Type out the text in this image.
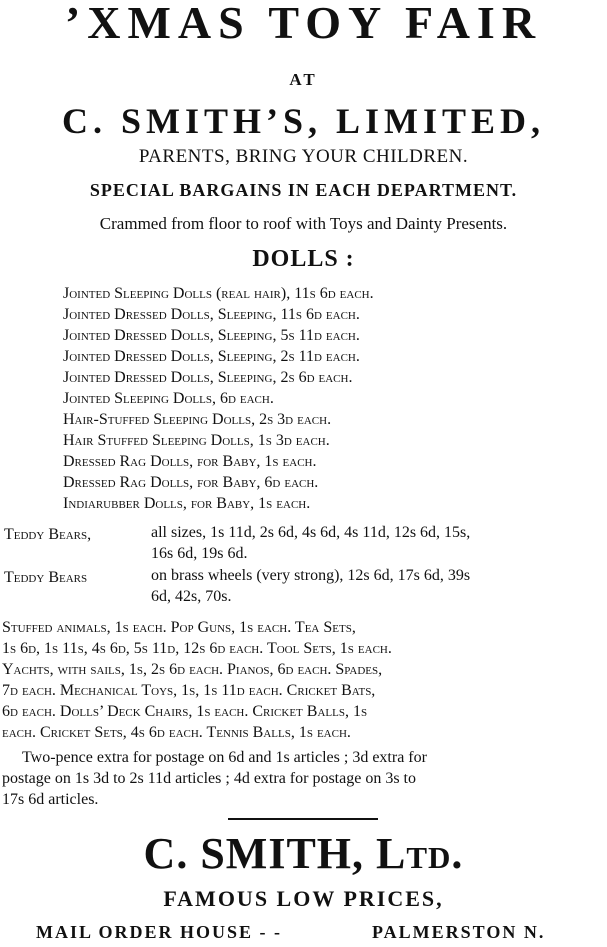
’XMAS TOY FAIR
AT
C. SMITH’S, LIMITED,
PARENTS, BRING YOUR CHILDREN.
SPECIAL BARGAINS IN EACH DEPARTMENT.
Crammed from floor to roof with Toys and Dainty Presents.
DOLLS :
Jointed Sleeping Dolls (real hair), 11s 6d each.
Jointed Dressed Dolls, Sleeping, 11s 6d each.
Jointed Dressed Dolls, Sleeping, 5s 11d each.
Jointed Dressed Dolls, Sleeping, 2s 11d each.
Jointed Dressed Dolls, Sleeping, 2s 6d each.
Jointed Sleeping Dolls, 6d each.
Hair-Stuffed Sleeping Dolls, 2s 3d each.
Hair Stuffed Sleeping Dolls, 1s 3d each.
Dressed Rag Dolls, for Baby, 1s each.
Dressed Rag Dolls, for Baby, 6d each.
Indiarubber Dolls, for Baby, 1s each.
Teddy Bears,	all sizes, 1s 11d, 2s 6d, 4s 6d, 4s 11d, 12s 6d, 15s,
16s 6d, 19s 6d.
Teddy Bears	on brass wheels (very strong), 12s 6d, 17s 6d, 39s
6d, 42s, 70s.
Stuffed animals, 1s each. Pop Guns, 1s each. Tea Sets,
1s 6d, 1s 11s, 4s 6d, 5s 11d, 12s 6d each. Tool Sets, 1s each.
Yachts, with sails, 1s, 2s 6d each. Pianos, 6d each. Spades,
7d each. Mechanical Toys, 1s, 1s 11d each. Cricket Bats,
6d each. Dolls’ Deck Chairs, 1s each. Cricket Balls, 1s
each. Cricket Sets, 4s 6d each. Tennis Balls, 1s each.
Two-pence extra for postage on 6d and 1s articles ; 3d extra for
postage on 1s 3d to 2s 11d articles ; 4d extra for postage on 3s to
17s 6d articles.
C. SMITH, Ltd.
FAMOUS LOW PRICES,
MAIL ORDER HOUSE - -	PALMERSTON N.
